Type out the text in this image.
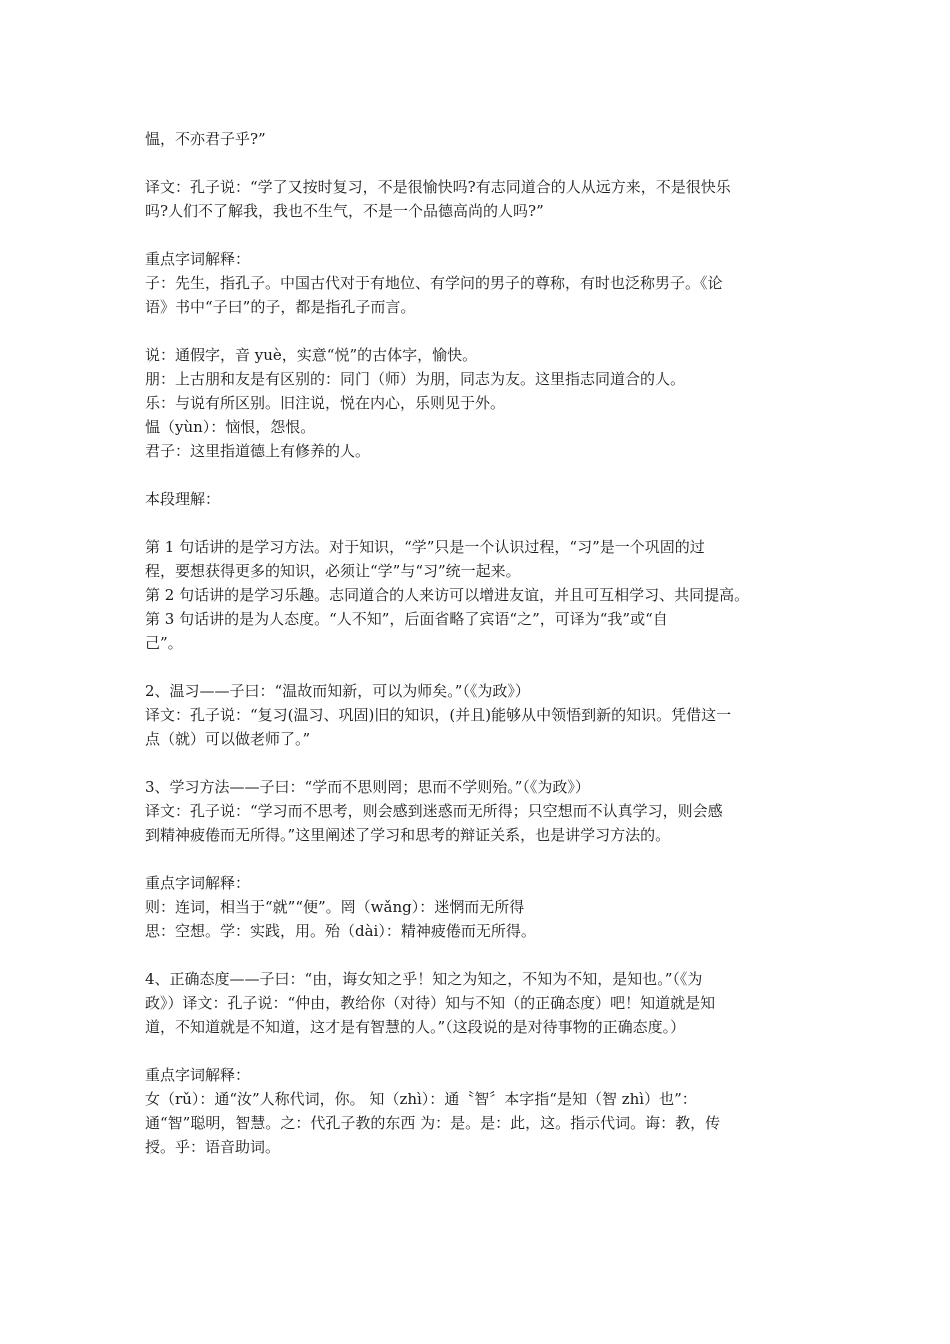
愠，不亦君子乎?”

译文：孔子说：“学了又按时复习，不是很愉快吗?有志同道合的人从远方来，不是很快乐

吗?人们不了解我，我也不生气，不是一个品德高尚的人吗?”

重点字词解释：

子：先生，指孔子。中国古代对于有地位、有学问的男子的尊称，有时也泛称男子。《论

语》书中“子曰”的子，都是指孔子而言。

说：通假字，音 yuè，实意“悦”的古体字，愉快。

朋：上古朋和友是有区别的：同门（师）为朋，同志为友。这里指志同道合的人。

乐：与说有所区别。旧注说，悦在内心，乐则见于外。

愠（yùn）：恼恨，怨恨。

君子：这里指道德上有修养的人。

本段理解：

第 1 句话讲的是学习方法。对于知识，“学”只是一个认识过程，“习”是一个巩固的过

程，要想获得更多的知识，必须让“学”与“习”统一起来。

第 2 句话讲的是学习乐趣。志同道合的人来访可以增进友谊，并且可互相学习、共同提高。

第 3 句话讲的是为人态度。“人不知”，后面省略了宾语“之”，可译为“我”或“自

己”。

2、温习——子曰：“温故而知新，可以为师矣。”（《为政》）

译文：孔子说：“复习(温习、巩固)旧的知识，(并且)能够从中领悟到新的知识。凭借这一

点（就）可以做老师了。”

3、学习方法——子曰：“学而不思则罔；思而不学则殆。”（《为政》）

译文：孔子说：“学习而不思考，则会感到迷惑而无所得；只空想而不认真学习，则会感

到精神疲倦而无所得。”这里阐述了学习和思考的辩证关系，也是讲学习方法的。

重点字词解释：

则：连词，相当于“就”“便”。罔（wǎng）：迷惘而无所得

思：空想。学：实践，用。殆（dài）：精神疲倦而无所得。

4、正确态度——子曰：“由，诲女知之乎！知之为知之，不知为不知，是知也。”（《为

政》）译文：孔子说：“仲由，教给你（对待）知与不知（的正确态度）吧！知道就是知

道，不知道就是不知道，这才是有智慧的人。”（这段说的是对待事物的正确态度。）

重点字词解释：

女（rǔ）：通“汝”人称代词，你。 知（zhì）：通〝智〞本字指“是知（智 zhì）也”：

通“智”聪明，智慧。之：代孔子教的东西 为：是。是：此，这。指示代词。诲：教，传

授。乎：语音助词。
